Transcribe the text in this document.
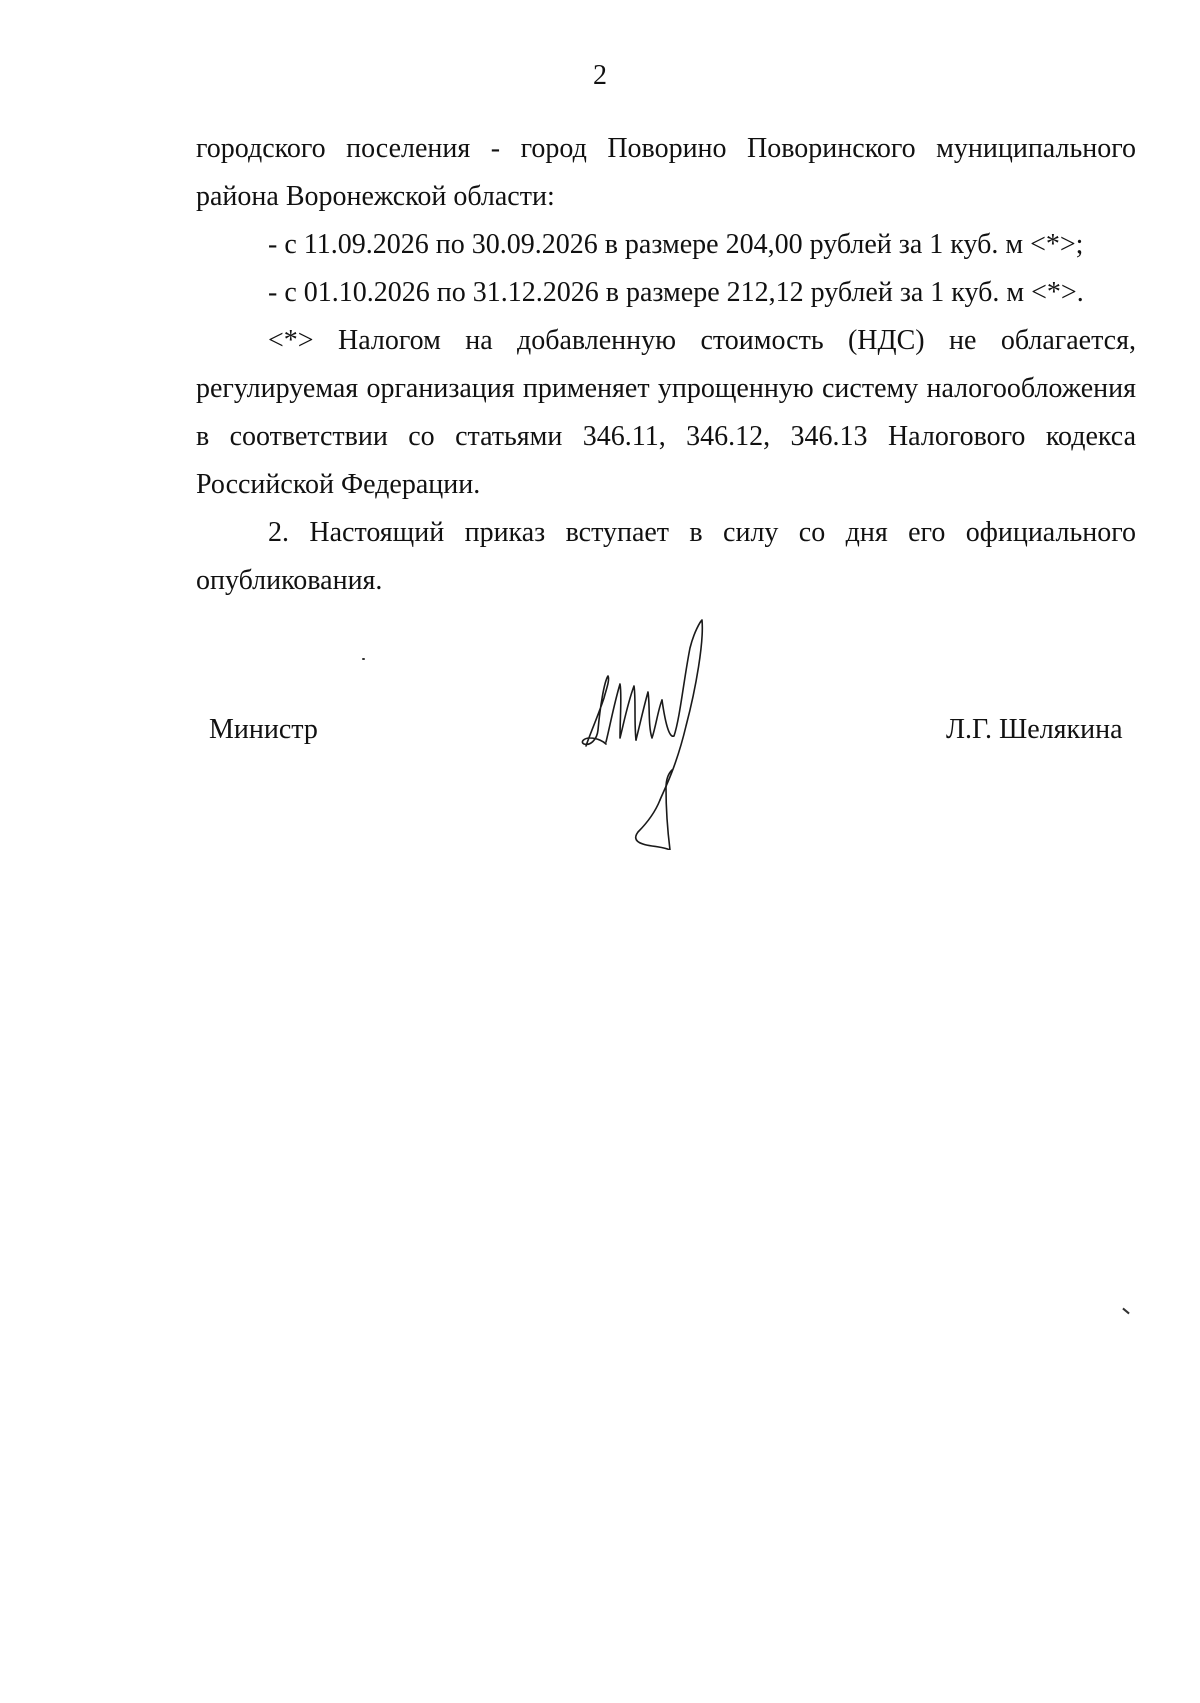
2
городского поселения - город Поворино Поворинского муниципального района Воронежской области:
- с 11.09.2026 по 30.09.2026 в размере 204,00 рублей за 1 куб. м <*>;
- с 01.10.2026 по 31.12.2026 в размере 212,12 рублей за 1 куб. м <*>.
<*> Налогом на добавленную стоимость (НДС) не облагается, регулируемая организация применяет упрощенную систему налогообложения в соответствии со статьями 346.11, 346.12, 346.13 Налогового кодекса Российской Федерации.
2. Настоящий приказ вступает в силу со дня его официального опубликования.
Министр	Л.Г. Шелякина
